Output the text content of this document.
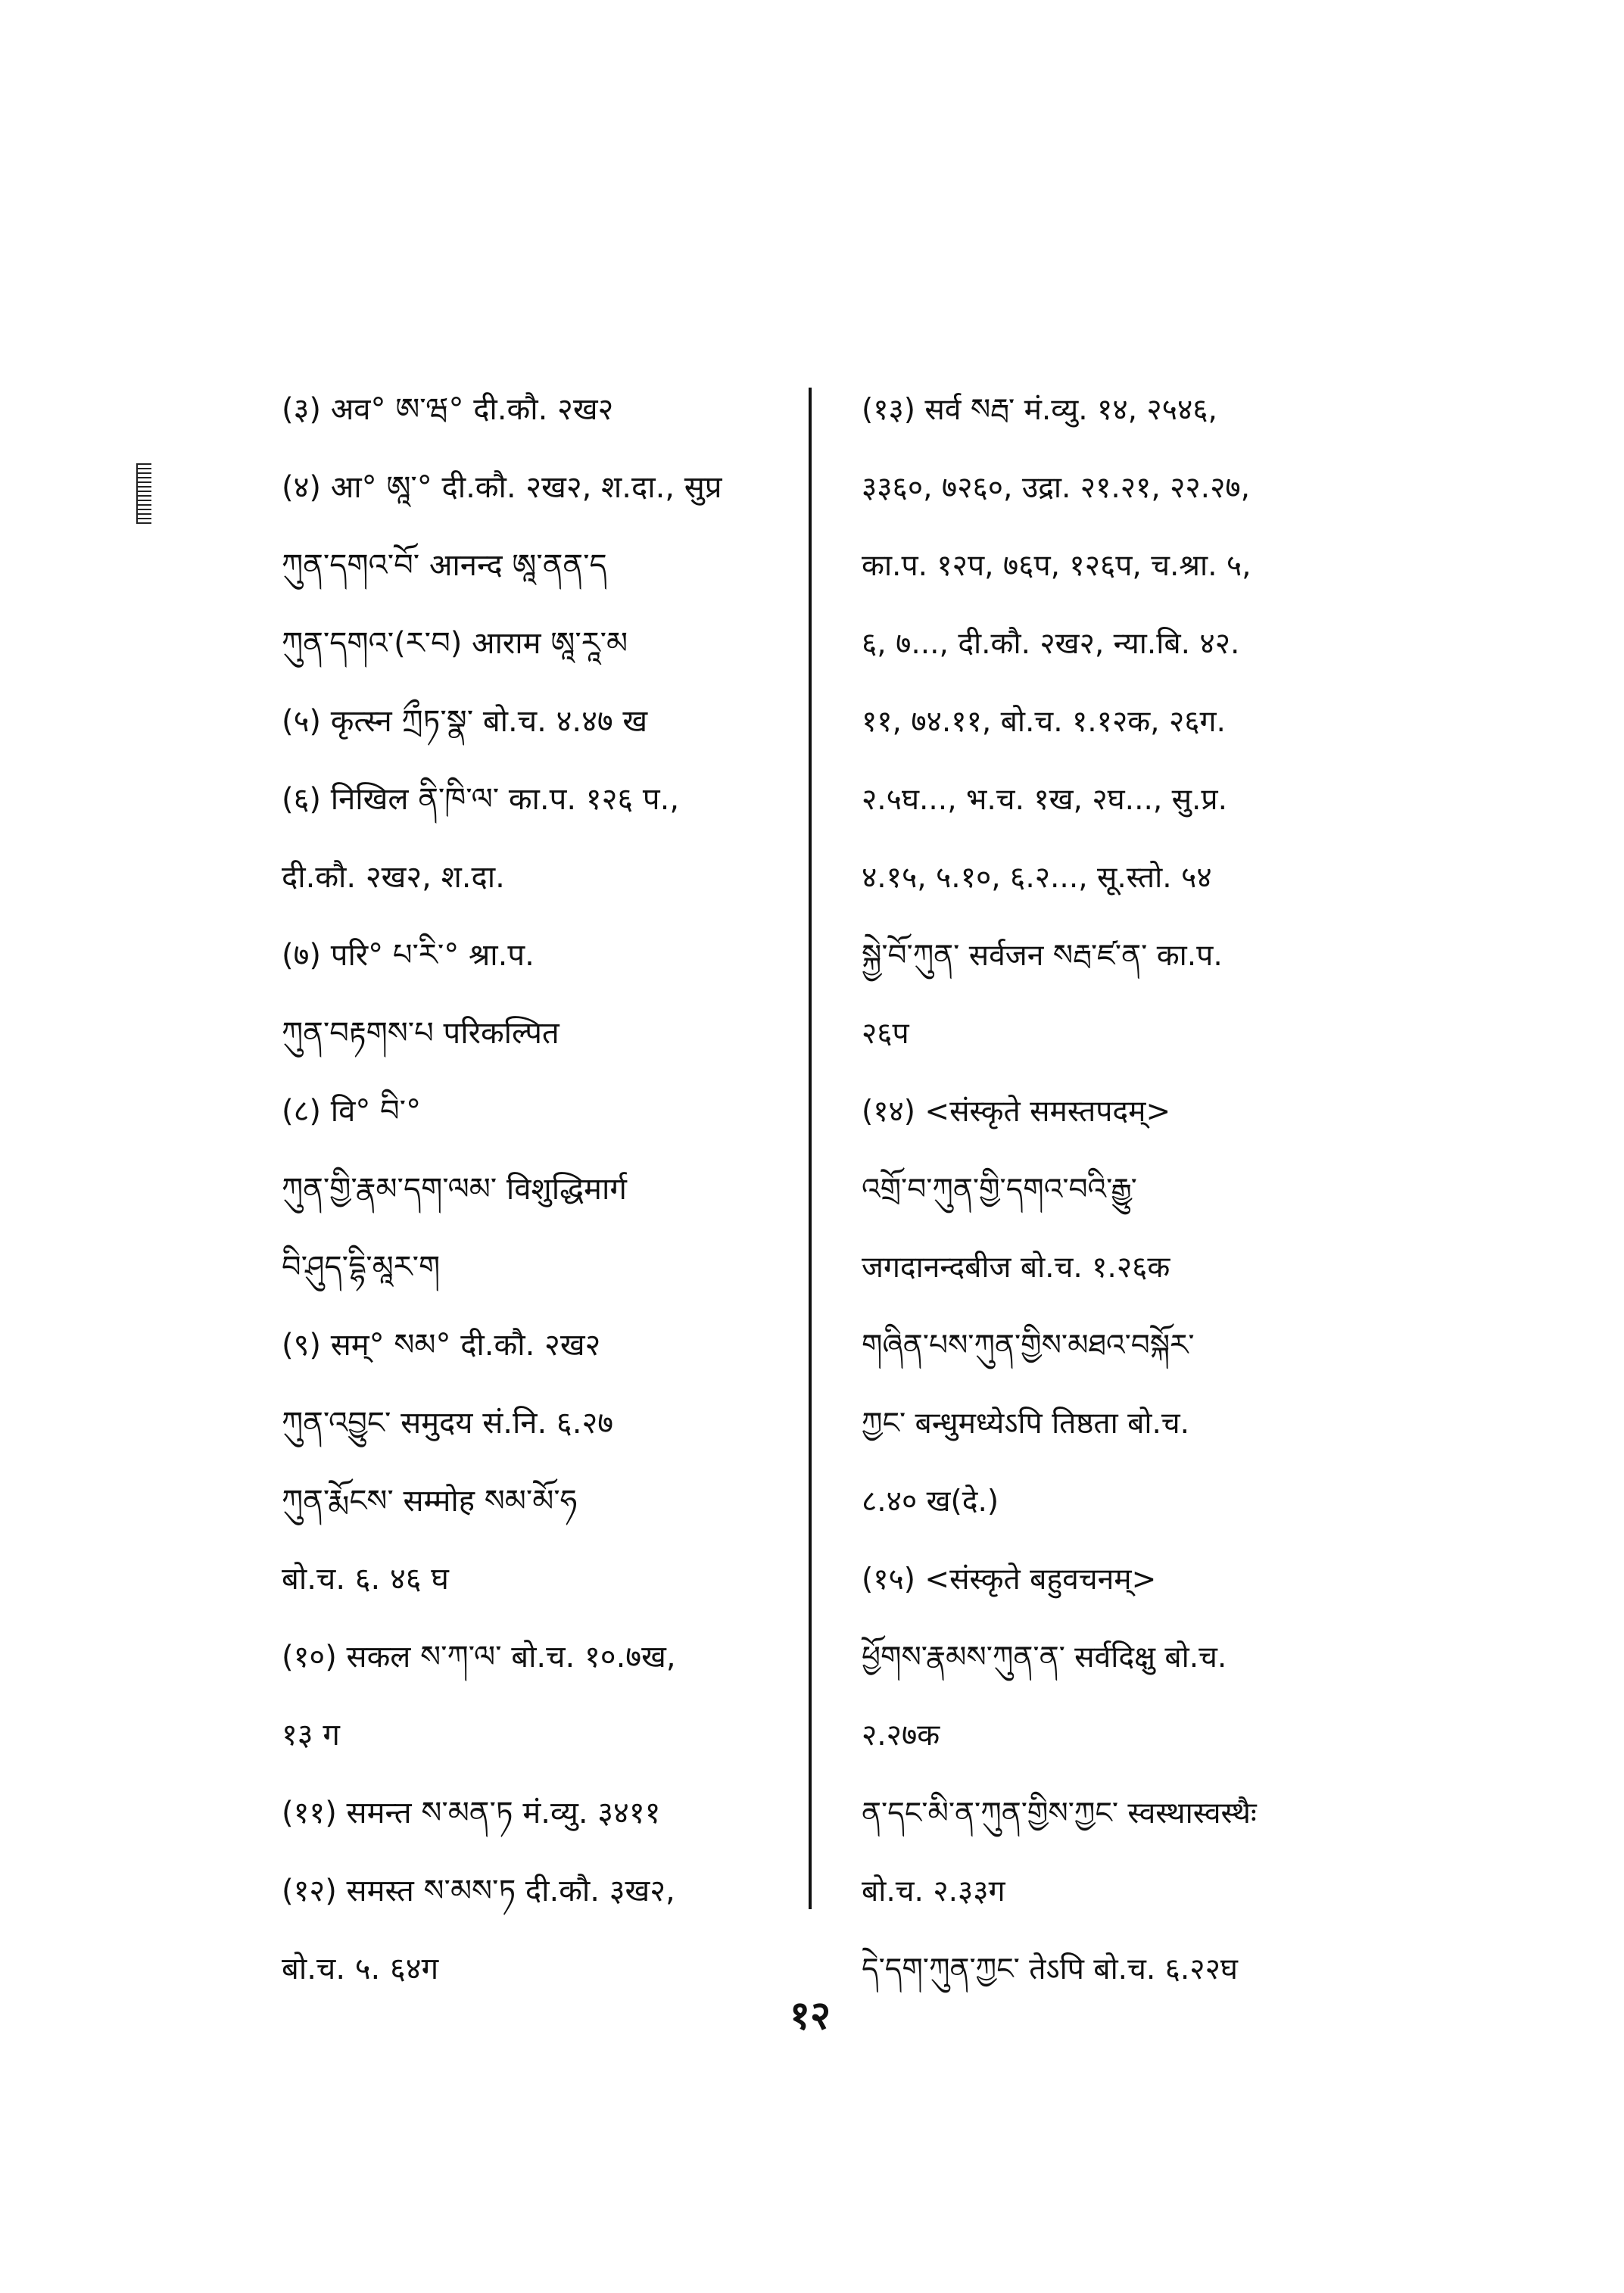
(३) अव° ཨ་ཝ° दी.कौ. २ख२
(४) आ° ཨཱ་° दी.कौ. २ख२, श.दा., सुप्र
ཀུན་དགའ་བོ་ आनन्द ཨཱ་ནན་ད
ཀུན་དགའ་(ར་བ) आराम ཨཱ་རཱ་མ
(५) कृत्स्न ཀྲྀཏ་སྣ་ बो.च. ४.४७ ख
(६) निखिल ནི་ཁི་ལ་ का.प. १२६ प.,
दी.कौ. २ख२, श.दा.
(७) परि° པ་རི་° श्रा.प.
ཀུན་བརྟགས་པ परिकल्पित
(८) वि° བི་°
ཀུན་གྱི་རྣམ་དག་ལམ་ विशुद्धिमार्ग
བི་ཤུད་དྷི་མཱར་ག
(९) सम्° སམ° दी.कौ. २ख२
ཀུན་འབྱུང་ समुदय सं.नि. ६.२७
ཀུན་རྨོངས་ सम्मोह སམ་མོ་ཧ
बो.च. ६. ४६ घ
(१०) सकल ས་ཀ་ལ་ बो.च. १०.७ख,
१३ ग
(११) समन्त ས་མན་ཏ मं.व्यु. ३४११
(१२) समस्त ས་མས་ཏ दी.कौ. ३ख२,
बो.च. ५. ६४ग
(१३) सर्व སརྦ་ मं.व्यु. १४, २५४६,
३३६०, ७२६०, उद्रा. २१.२१, २२.२७,
का.प. १२प, ७६प, १२६प, च.श्रा. ५,
६, ७..., दी.कौ. २ख२, न्या.बि. ४२.
११, ७४.११, बो.च. १.१२क, २६ग.
२.५घ..., भ.च. १ख, २घ..., सु.प्र.
४.१५, ५.१०, ६.२..., सू.स्तो. ५४
སྐྱེ་བོ་ཀུན་ सर्वजन སརྦ་ཛ་ན་ का.प.
२६प
(१४) <संस्कृते समस्तपदम्>
འགྲོ་བ་ཀུན་གྱི་དགའ་བའི་རྒྱུ་
जगदानन्दबीज बो.च. १.२६क
གཞིན་པས་ཀུན་གྱིས་མཐའ་བསྐོར་
ཀྱང་ बन्धुमध्येऽपि तिष्ठता बो.च.
८.४० ख(दे.)
(१५) <संस्कृते बहुवचनम्>
ཕྱོགས་རྣམས་ཀུན་ན་ सर्वदिक्षु बो.च.
२.२७क
ན་དང་མི་ན་ཀུན་གྱིས་ཀྱང་ स्वस्थास्वस्थैः
बो.च. २.३३ग
དེ་དག་ཀུན་ཀྱང་ तेऽपि बो.च. ६.२२घ
१२
